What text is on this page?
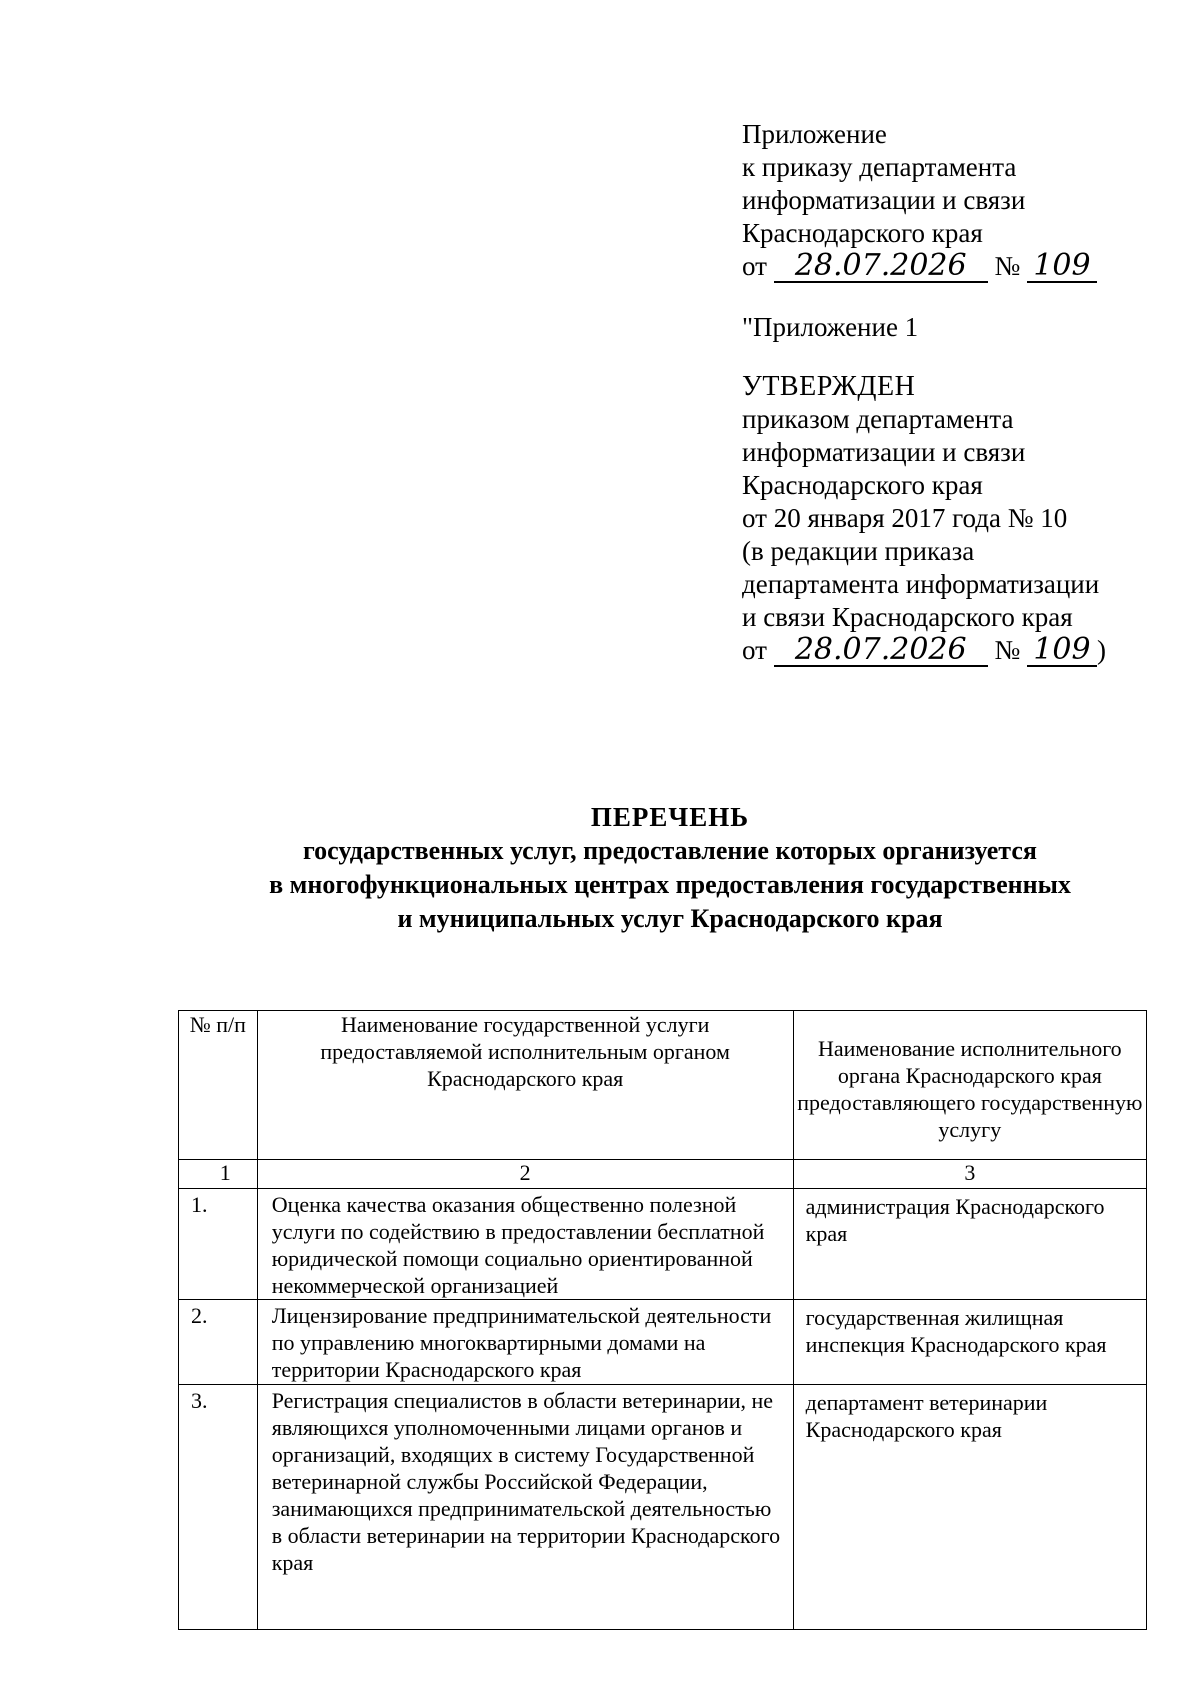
Приложение
к приказу департамента
информатизации и связи
Краснодарского края
от 28.07.2026 № 109
"Приложение 1
УТВЕРЖДЕН
приказом департамента
информатизации и связи
Краснодарского края
от 20 января 2017 года № 10
(в редакции приказа
департамента информатизации
и связи Краснодарского края
от 28.07.2026 № 109 )
ПЕРЕЧЕНЬ
государственных услуг, предоставление которых организуется
в многофункциональных центрах предоставления государственных
и муниципальных услуг Краснодарского края
№ п/п	Наименование государственной услуги предоставляемой исполнительным органом Краснодарского края	Наименование исполнительного органа Краснодарского края предоставляющего государственную услугу
1	2	3
1.	Оценка качества оказания общественно полезной услуги по содействию в предоставлении бесплатной юридической помощи социально ориентированной некоммерческой организацией	администрация Краснодарского края
2.	Лицензирование предпринимательской деятельности по управлению многоквартирными домами на территории Краснодарского края	государственная жилищная инспекция Краснодарского края
3.	Регистрация специалистов в области ветеринарии, не являющихся уполномоченными лицами органов и организаций, входящих в систему Государственной ветеринарной службы Российской Федерации, занимающихся предпринимательской деятельностью в области ветеринарии на территории Краснодарского края	департамент ветеринарии Краснодарского края
